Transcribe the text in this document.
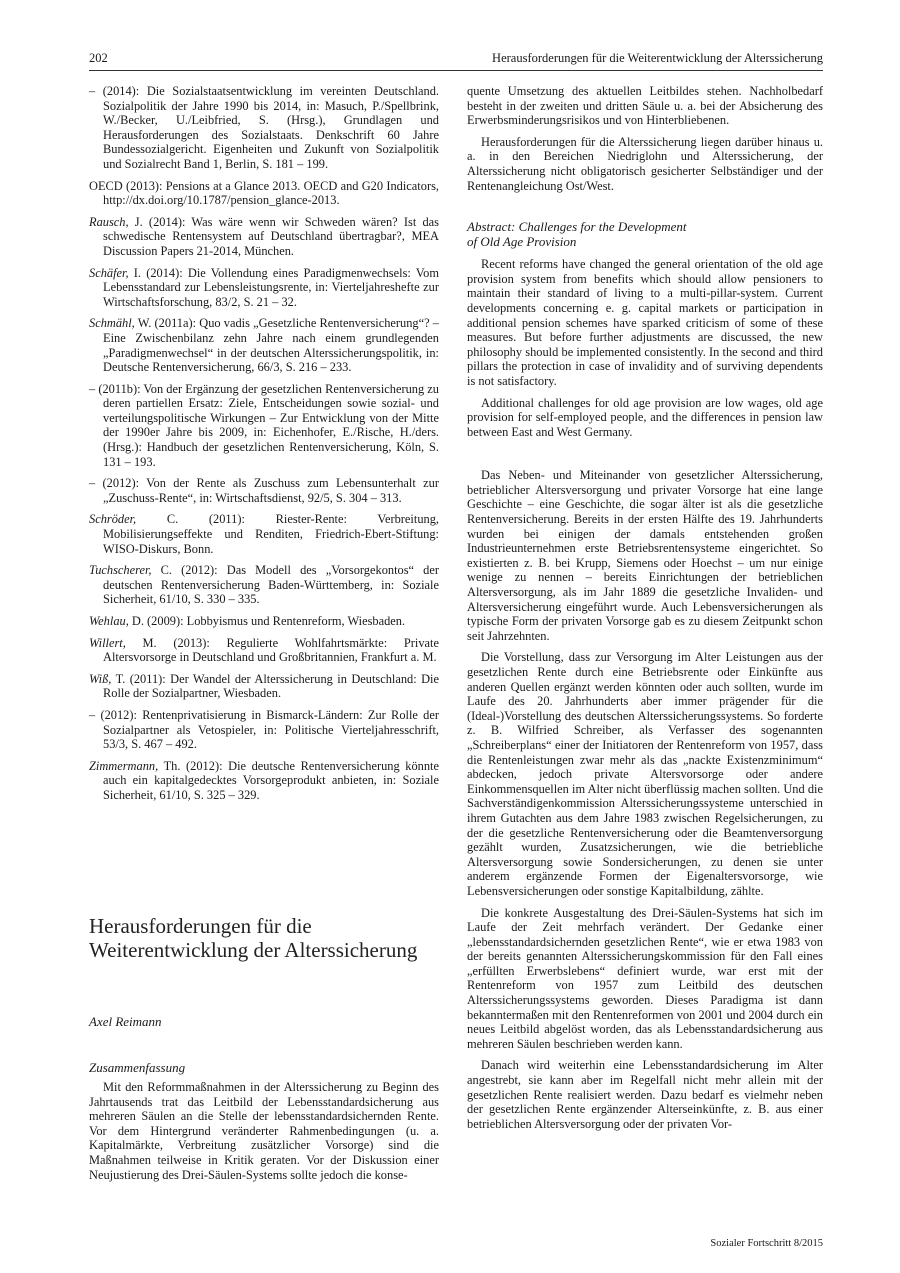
202	Herausforderungen für die Weiterentwicklung der Alterssicherung

– (2014): Die Sozialstaatsentwicklung im vereinten Deutschland. Sozialpolitik der Jahre 1990 bis 2014, in: Masuch, P./Spellbrink, W./Becker, U./Leibfried, S. (Hrsg.), Grundlagen und Herausforderungen des Sozialstaats. Denkschrift 60 Jahre Bundessozialgericht. Eigenheiten und Zukunft von Sozialpolitik und Sozialrecht Band 1, Berlin, S. 181 – 199.

OECD (2013): Pensions at a Glance 2013. OECD and G20 Indicators, http://dx.doi.org/10.1787/pension_glance-2013.

Rausch, J. (2014): Was wäre wenn wir Schweden wären? Ist das schwedische Rentensystem auf Deutschland übertragbar?, MEA Discussion Papers 21-2014, München.

Schäfer, I. (2014): Die Vollendung eines Paradigmenwechsels: Vom Lebensstandard zur Lebensleistungsrente, in: Vierteljahreshefte zur Wirtschaftsforschung, 83/2, S. 21 – 32.

Schmähl, W. (2011a): Quo vadis „Gesetzliche Rentenversicherung“? – Eine Zwischenbilanz zehn Jahre nach einem grundlegenden „Paradigmenwechsel“ in der deutschen Alterssicherungspolitik, in: Deutsche Rentenversicherung, 66/3, S. 216 – 233.

– (2011b): Von der Ergänzung der gesetzlichen Rentenversicherung zu deren partiellen Ersatz: Ziele, Entscheidungen sowie sozial- und verteilungspolitische Wirkungen – Zur Entwicklung von der Mitte der 1990er Jahre bis 2009, in: Eichenhofer, E./Rische, H./ders. (Hrsg.): Handbuch der gesetzlichen Rentenversicherung, Köln, S. 131 – 193.

– (2012): Von der Rente als Zuschuss zum Lebensunterhalt zur „Zuschuss-Rente“, in: Wirtschaftsdienst, 92/5, S. 304 – 313.

Schröder, C. (2011): Riester-Rente: Verbreitung, Mobilisierungseffekte und Renditen, Friedrich-Ebert-Stiftung: WISO-Diskurs, Bonn.

Tuchscherer, C. (2012): Das Modell des „Vorsorgekontos“ der deutschen Rentenversicherung Baden-Württemberg, in: Soziale Sicherheit, 61/10, S. 330 – 335.

Wehlau, D. (2009): Lobbyismus und Rentenreform, Wiesbaden.

Willert, M. (2013): Regulierte Wohlfahrtsmärkte: Private Altersvorsorge in Deutschland und Großbritannien, Frankfurt a. M.

Wiß, T. (2011): Der Wandel der Alterssicherung in Deutschland: Die Rolle der Sozialpartner, Wiesbaden.

– (2012): Rentenprivatisierung in Bismarck-Ländern: Zur Rolle der Sozialpartner als Vetospieler, in: Politische Vierteljahresschrift, 53/3, S. 467 – 492.

Zimmermann, Th. (2012): Die deutsche Rentenversicherung könnte auch ein kapitalgedecktes Vorsorgeprodukt anbieten, in: Soziale Sicherheit, 61/10, S. 325 – 329.

Herausforderungen für die Weiterentwicklung der Alterssicherung
Axel Reimann
Zusammenfassung

Mit den Reformmaßnahmen in der Alterssicherung zu Beginn des Jahrtausends trat das Leitbild der Lebensstandardsicherung aus mehreren Säulen an die Stelle der lebensstandardsichernden Rente. Vor dem Hintergrund veränderter Rahmenbedingungen (u. a. Kapitalmärkte, Verbreitung zusätzlicher Vorsorge) sind die Maßnahmen teilweise in Kritik geraten. Vor der Diskussion einer Neujustierung des Drei-Säulen-Systems sollte jedoch die konse-

quente Umsetzung des aktuellen Leitbildes stehen. Nachholbedarf besteht in der zweiten und dritten Säule u. a. bei der Absicherung des Erwerbsminderungsrisikos und von Hinterbliebenen.

Herausforderungen für die Alterssicherung liegen darüber hinaus u. a. in den Bereichen Niedriglohn und Alterssicherung, der Alterssicherung nicht obligatorisch gesicherter Selbständiger und der Rentenangleichung Ost/West.

Abstract: Challenges for the Development
of Old Age Provision

Recent reforms have changed the general orientation of the old age provision system from benefits which should allow pensioners to maintain their standard of living to a multi-pillar-system. Current developments concerning e. g. capital markets or participation in additional pension schemes have sparked criticism of some of these measures. But before further adjustments are discussed, the new philosophy should be implemented consistently. In the second and third pillars the protection in case of invalidity and of surviving dependents is not satisfactory.

Additional challenges for old age provision are low wages, old age provision for self-employed people, and the differences in pension law between East and West Germany.

Das Neben- und Miteinander von gesetzlicher Alterssicherung, betrieblicher Altersversorgung und privater Vorsorge hat eine lange Geschichte – eine Geschichte, die sogar älter ist als die gesetzliche Rentenversicherung. Bereits in der ersten Hälfte des 19. Jahrhunderts wurden bei einigen der damals entstehenden großen Industrieunternehmen erste Betriebsrentensysteme eingerichtet. So existierten z. B. bei Krupp, Siemens oder Hoechst – um nur einige wenige zu nennen – bereits Einrichtungen der betrieblichen Altersversorgung, als im Jahr 1889 die gesetzliche Invaliden- und Altersversicherung eingeführt wurde. Auch Lebensversicherungen als typische Form der privaten Vorsorge gab es zu diesem Zeitpunkt schon seit Jahrzehnten.

Die Vorstellung, dass zur Versorgung im Alter Leistungen aus der gesetzlichen Rente durch eine Betriebsrente oder Einkünfte aus anderen Quellen ergänzt werden könnten oder auch sollten, wurde im Laufe des 20. Jahrhunderts aber immer prägender für die (Ideal-)Vorstellung des deutschen Alterssicherungssystems. So forderte z. B. Wilfried Schreiber, als Verfasser des sogenannten „Schreiberplans“ einer der Initiatoren der Rentenreform von 1957, dass die Rentenleistungen zwar mehr als das „nackte Existenzminimum“ abdecken, jedoch private Altersvorsorge oder andere Einkommensquellen im Alter nicht überflüssig machen sollten. Und die Sachverständigenkommission Alterssicherungssysteme unterschied in ihrem Gutachten aus dem Jahre 1983 zwischen Regelsicherungen, zu der die gesetzliche Rentenversicherung oder die Beamtenversorgung gezählt wurden, Zusatzsicherungen, wie die betriebliche Altersversorgung sowie Sondersicherungen, zu denen sie unter anderem ergänzende Formen der Eigenaltersvorsorge, wie Lebensversicherungen oder sonstige Kapitalbildung, zählte.

Die konkrete Ausgestaltung des Drei-Säulen-Systems hat sich im Laufe der Zeit mehrfach verändert. Der Gedanke einer „lebensstandardsichernden gesetzlichen Rente“, wie er etwa 1983 von der bereits genannten Alterssicherungskommission für den Fall eines „erfüllten Erwerbslebens“ definiert wurde, war erst mit der Rentenreform von 1957 zum Leitbild des deutschen Alterssicherungssystems geworden. Dieses Paradigma ist dann bekanntermaßen mit den Rentenreformen von 2001 und 2004 durch ein neues Leitbild abgelöst worden, das als Lebensstandardsicherung aus mehreren Säulen beschrieben werden kann.

Danach wird weiterhin eine Lebensstandardsicherung im Alter angestrebt, sie kann aber im Regelfall nicht mehr allein mit der gesetzlichen Rente realisiert werden. Dazu bedarf es vielmehr neben der gesetzlichen Rente ergänzender Alterseinkünfte, z. B. aus einer betrieblichen Altersversorgung oder der privaten Vor-

Sozialer Fortschritt 8/2015
